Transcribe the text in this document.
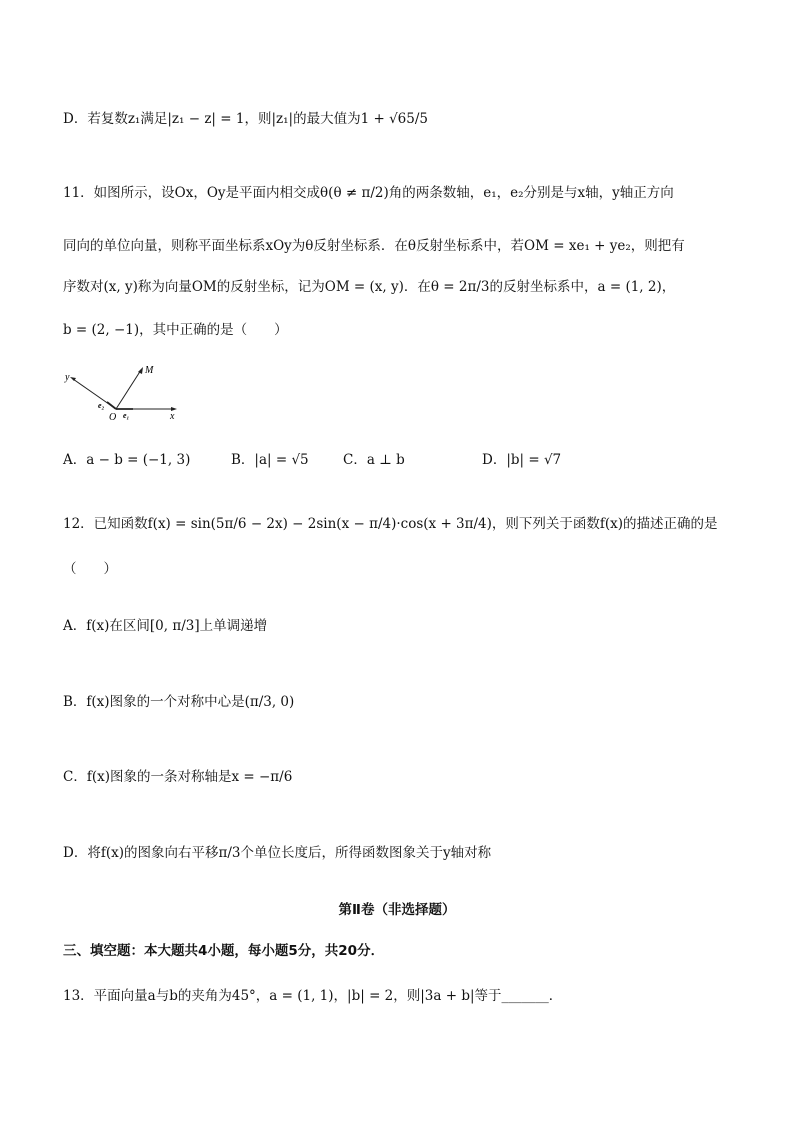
D．若复数z₁满足|z₁ − z| = 1，则|z₁|的最大值为1 + √65/5
11．如图所示，设Ox，Oy是平面内相交成θ(θ ≠ π/2)角的两条数轴，e₁，e₂分别是与x轴，y轴正方向
同向的单位向量，则称平面坐标系xOy为θ反射坐标系．在θ反射坐标系中，若OM = xe₁ + ye₂，则把有
序数对(x, y)称为向量OM的反射坐标，记为OM = (x, y)．在θ = 2π/3的反射坐标系中，a = (1, 2)，
b = (2, −1)，其中正确的是（　　）
y
M
e₂
O e₁	x
A．a − b = (−1, 3)	B．|a| = √5	C．a ⊥ b	D．|b| = √7
12．已知函数f(x) = sin(5π/6 − 2x) − 2sin(x − π/4)·cos(x + 3π/4)，则下列关于函数f(x)的描述正确的是
（　　）
A．f(x)在区间[0, π/3]上单调递增
B．f(x)图象的一个对称中心是(π/3, 0)
C．f(x)图象的一条对称轴是x = −π/6
D．将f(x)的图象向右平移π/3个单位长度后，所得函数图象关于y轴对称
第Ⅱ卷（非选择题）
三、填空题：本大题共4小题，每小题5分，共20分．
13．平面向量a与b的夹角为45°，a = (1, 1)，|b| = 2，则|3a + b|等于_______．
